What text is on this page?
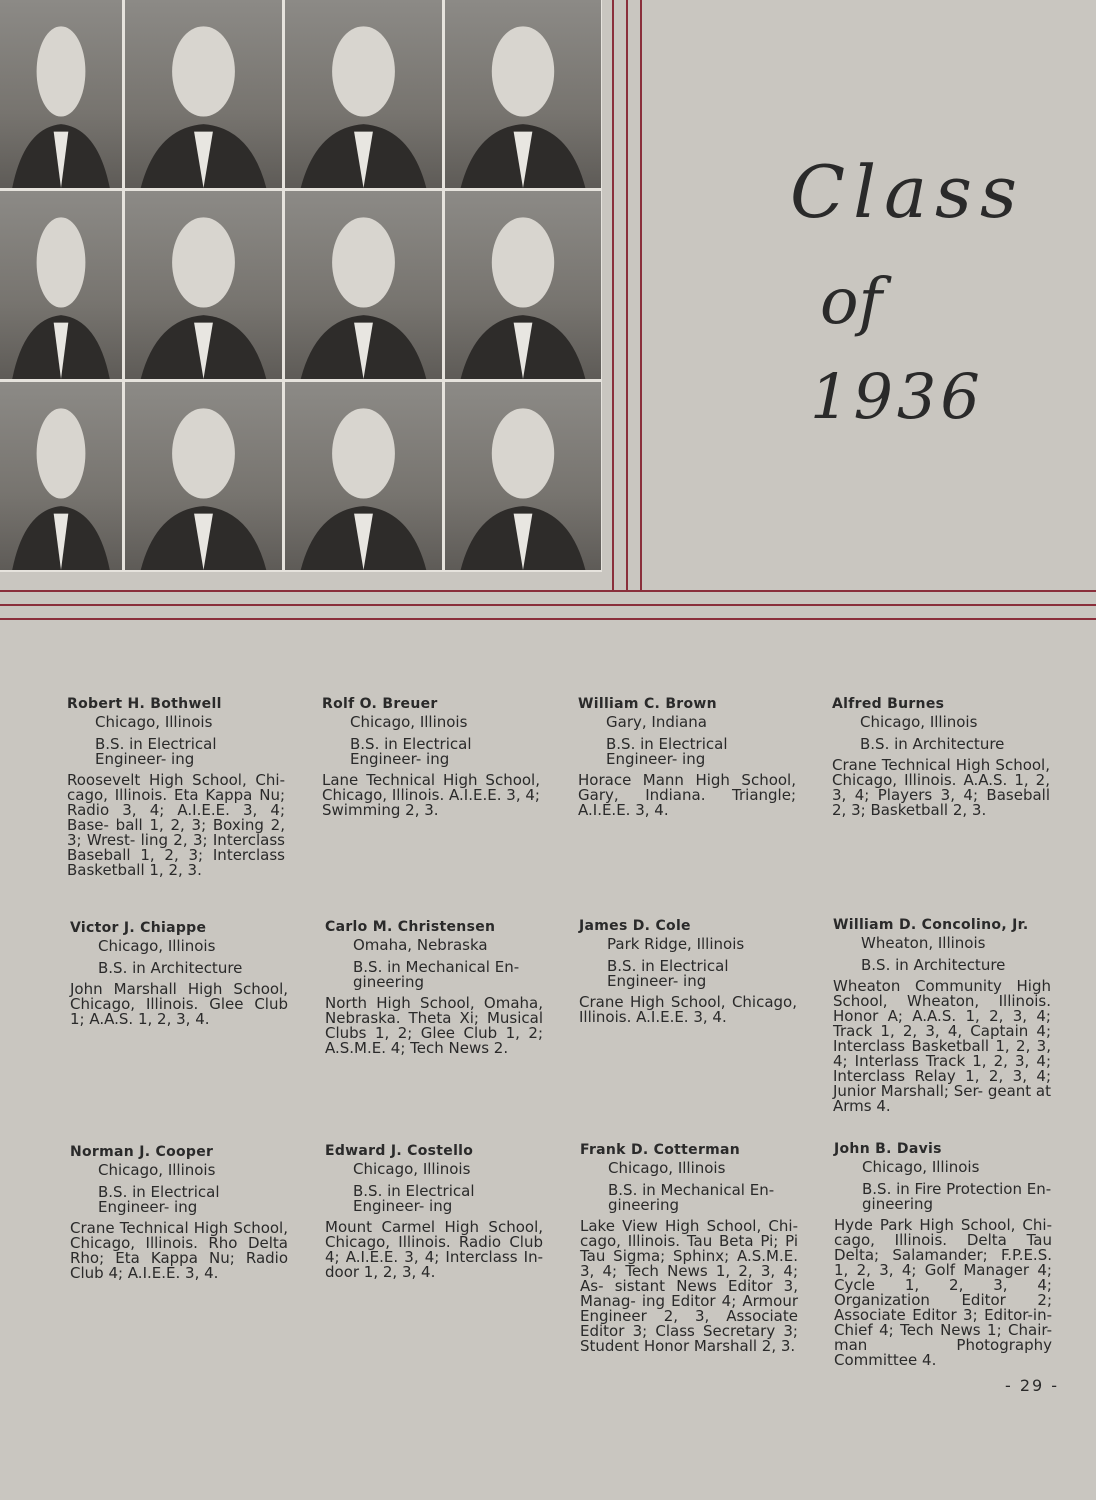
Class
of
1936
Robert H. Bothwell
Chicago, Illinois
B.S. in Electrical Engineer- ing
Roosevelt High School, Chi- cago, Illinois. Eta Kappa Nu; Radio 3, 4; A.I.E.E. 3, 4; Base- ball 1, 2, 3; Boxing 2, 3; Wrest- ling 2, 3; Interclass Baseball 1, 2, 3; Interclass Basketball 1, 2, 3.
Rolf O. Breuer
Chicago, Illinois
B.S. in Electrical Engineer- ing
Lane Technical High School, Chicago, Illinois. A.I.E.E. 3, 4; Swimming 2, 3.
William C. Brown
Gary, Indiana
B.S. in Electrical Engineer- ing
Horace Mann High School, Gary, Indiana. Triangle; A.I.E.E. 3, 4.
Alfred Burnes
Chicago, Illinois
B.S. in Architecture
Crane Technical High School, Chicago, Illinois. A.A.S. 1, 2, 3, 4; Players 3, 4; Baseball 2, 3; Basketball 2, 3.
Victor J. Chiappe
Chicago, Illinois
B.S. in Architecture
John Marshall High School, Chicago, Illinois. Glee Club 1; A.A.S. 1, 2, 3, 4.
Carlo M. Christensen
Omaha, Nebraska
B.S. in Mechanical En- gineering
North High School, Omaha, Nebraska. Theta Xi; Musical Clubs 1, 2; Glee Club 1, 2; A.S.M.E. 4; Tech News 2.
James D. Cole
Park Ridge, Illinois
B.S. in Electrical Engineer- ing
Crane High School, Chicago, Illinois. A.I.E.E. 3, 4.
William D. Concolino, Jr.
Wheaton, Illinois
B.S. in Architecture
Wheaton Community High School, Wheaton, Illinois. Honor A; A.A.S. 1, 2, 3, 4; Track 1, 2, 3, 4, Captain 4; Interclass Basketball 1, 2, 3, 4; Interlass Track 1, 2, 3, 4; Interclass Relay 1, 2, 3, 4; Junior Marshall; Ser- geant at Arms 4.
Norman J. Cooper
Chicago, Illinois
B.S. in Electrical Engineer- ing
Crane Technical High School, Chicago, Illinois. Rho Delta Rho; Eta Kappa Nu; Radio Club 4; A.I.E.E. 3, 4.
Edward J. Costello
Chicago, Illinois
B.S. in Electrical Engineer- ing
Mount Carmel High School, Chicago, Illinois. Radio Club 4; A.I.E.E. 3, 4; Interclass In- door 1, 2, 3, 4.
Frank D. Cotterman
Chicago, Illinois
B.S. in Mechanical En- gineering
Lake View High School, Chi- cago, Illinois. Tau Beta Pi; Pi Tau Sigma; Sphinx; A.S.M.E. 3, 4; Tech News 1, 2, 3, 4; As- sistant News Editor 3, Manag- ing Editor 4; Armour Engineer 2, 3, Associate Editor 3; Class Secretary 3; Student Honor Marshall 2, 3.
John B. Davis
Chicago, Illinois
B.S. in Fire Protection En- gineering
Hyde Park High School, Chi- cago, Illinois. Delta Tau Delta; Salamander; F.P.E.S. 1, 2, 3, 4; Golf Manager 4; Cycle 1, 2, 3, 4; Organization Editor 2; Associate Editor 3; Editor-in- Chief 4; Tech News 1; Chair- man Photography Committee 4.
- 29 -
